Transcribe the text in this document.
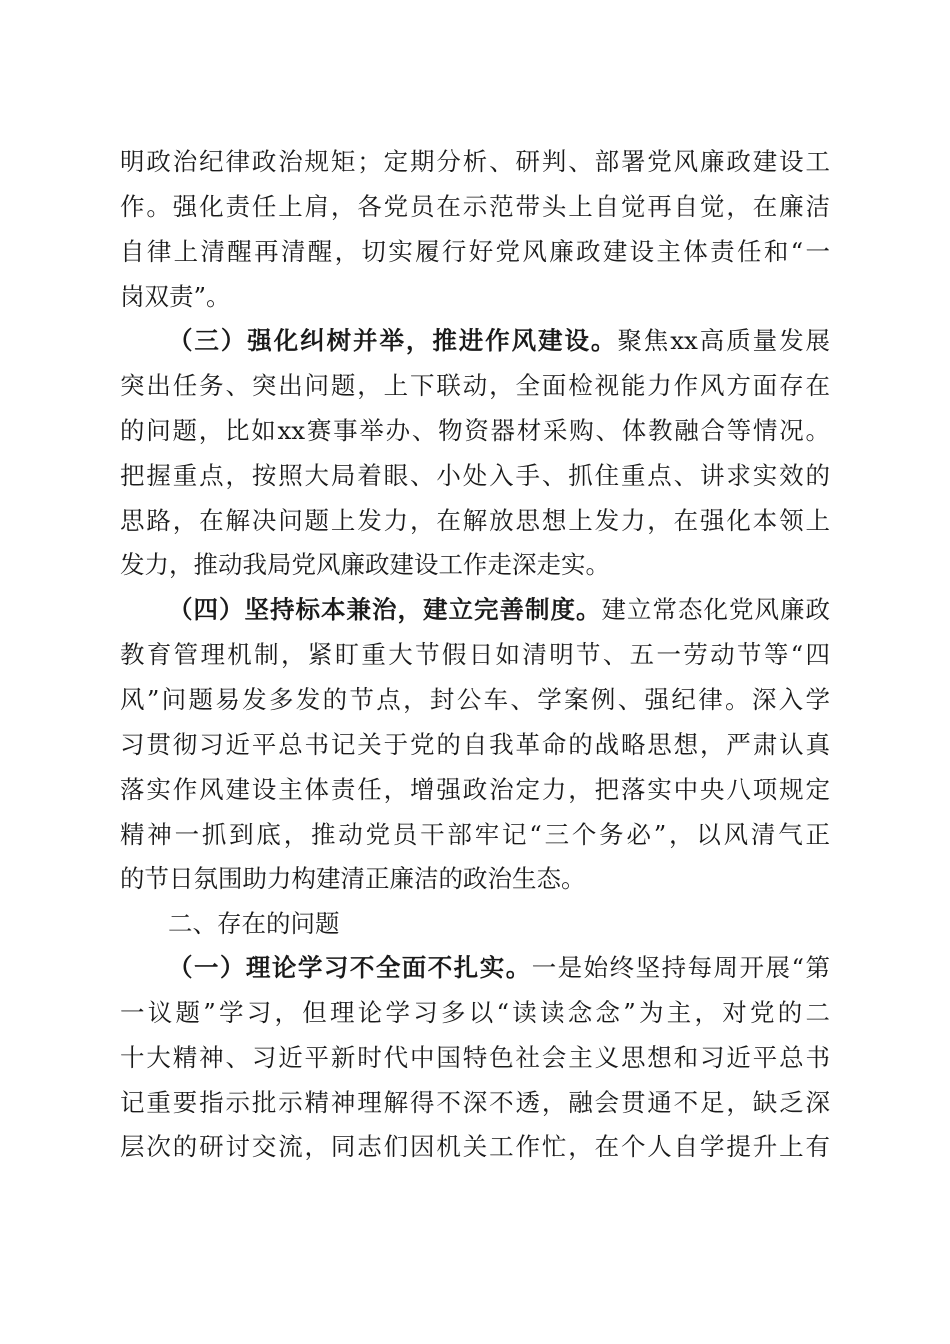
明政治纪律政治规矩；定期分析、研判、部署党风廉政建设工
作。强化责任上肩，各党员在示范带头上自觉再自觉，在廉洁
自律上清醒再清醒，切实履行好党风廉政建设主体责任和“一
岗双责”。
（三）强化纠树并举，推进作风建设。聚焦xx高质量发展
突出任务、突出问题，上下联动，全面检视能力作风方面存在
的问题，比如xx赛事举办、物资器材采购、体教融合等情况。
把握重点，按照大局着眼、小处入手、抓住重点、讲求实效的
思路，在解决问题上发力，在解放思想上发力，在强化本领上
发力，推动我局党风廉政建设工作走深走实。
（四）坚持标本兼治，建立完善制度。建立常态化党风廉政
教育管理机制，紧盯重大节假日如清明节、五一劳动节等“四
风”问题易发多发的节点，封公车、学案例、强纪律。深入学
习贯彻习近平总书记关于党的自我革命的战略思想，严肃认真
落实作风建设主体责任，增强政治定力，把落实中央八项规定
精神一抓到底，推动党员干部牢记“三个务必”，以风清气正
的节日氛围助力构建清正廉洁的政治生态。
二、存在的问题
（一）理论学习不全面不扎实。一是始终坚持每周开展“第
一议题”学习，但理论学习多以“读读念念”为主，对党的二
十大精神、习近平新时代中国特色社会主义思想和习近平总书
记重要指示批示精神理解得不深不透，融会贯通不足，缺乏深
层次的研讨交流，同志们因机关工作忙，在个人自学提升上有
